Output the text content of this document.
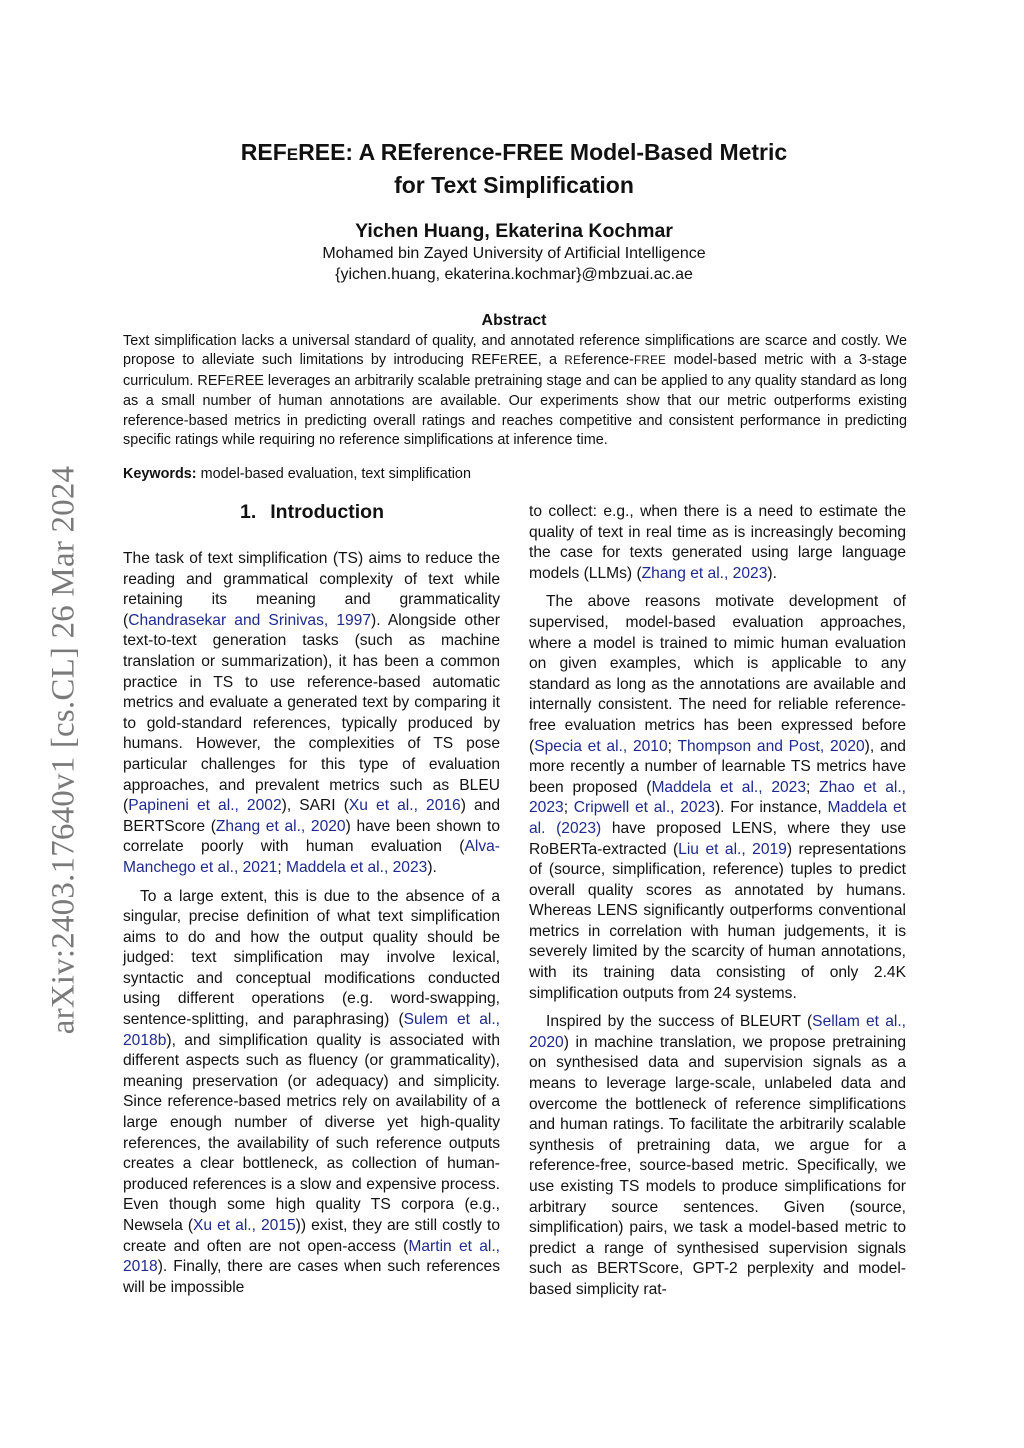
arXiv:2403.17640v1 [cs.CL] 26 Mar 2024
REFEREE: A REference-FREE Model-Based Metric
for Text Simplification
Yichen Huang, Ekaterina Kochmar
Mohamed bin Zayed University of Artificial Intelligence
{yichen.huang, ekaterina.kochmar}@mbzuai.ac.ae
Abstract
Text simplification lacks a universal standard of quality, and annotated reference simplifications are scarce and costly. We propose to alleviate such limitations by introducing REFEREE, a REference-FREE model-based metric with a 3-stage curriculum. REFEREE leverages an arbitrarily scalable pretraining stage and can be applied to any quality standard as long as a small number of human annotations are available. Our experiments show that our metric outperforms existing reference-based metrics in predicting overall ratings and reaches competitive and consistent performance in predicting specific ratings while requiring no reference simplifications at inference time.
Keywords: model-based evaluation, text simplification
1. Introduction

The task of text simplification (TS) aims to reduce the reading and grammatical complexity of text while retaining its meaning and grammaticality (Chandrasekar and Srinivas, 1997). Alongside other text-to-text generation tasks (such as machine translation or summarization), it has been a common practice in TS to use reference-based automatic metrics and evaluate a generated text by comparing it to gold-standard references, typically produced by humans. However, the complexities of TS pose particular challenges for this type of evaluation approaches, and prevalent metrics such as BLEU (Papineni et al., 2002), SARI (Xu et al., 2016) and BERTScore (Zhang et al., 2020) have been shown to correlate poorly with human evaluation (Alva-Manchego et al., 2021; Maddela et al., 2023).

To a large extent, this is due to the absence of a singular, precise definition of what text simplification aims to do and how the output quality should be judged: text simplification may involve lexical, syntactic and conceptual modifications conducted using different operations (e.g. word-swapping, sentence-splitting, and paraphrasing) (Sulem et al., 2018b), and simplification quality is associated with different aspects such as fluency (or grammaticality), meaning preservation (or adequacy) and simplicity. Since reference-based metrics rely on availability of a large enough number of diverse yet high-quality references, the availability of such reference outputs creates a clear bottleneck, as collection of human-produced references is a slow and expensive process. Even though some high quality TS corpora (e.g., Newsela (Xu et al., 2015)) exist, they are still costly to create and often are not open-access (Martin et al., 2018). Finally, there are cases when such references will be impossible

to collect: e.g., when there is a need to estimate the quality of text in real time as is increasingly becoming the case for texts generated using large language models (LLMs) (Zhang et al., 2023).

The above reasons motivate development of supervised, model-based evaluation approaches, where a model is trained to mimic human evaluation on given examples, which is applicable to any standard as long as the annotations are available and internally consistent. The need for reliable reference-free evaluation metrics has been expressed before (Specia et al., 2010; Thompson and Post, 2020), and more recently a number of learnable TS metrics have been proposed (Maddela et al., 2023; Zhao et al., 2023; Cripwell et al., 2023). For instance, Maddela et al. (2023) have proposed LENS, where they use RoBERTa-extracted (Liu et al., 2019) representations of (source, simplification, reference) tuples to predict overall quality scores as annotated by humans. Whereas LENS significantly outperforms conventional metrics in correlation with human judgements, it is severely limited by the scarcity of human annotations, with its training data consisting of only 2.4K simplification outputs from 24 systems.

Inspired by the success of BLEURT (Sellam et al., 2020) in machine translation, we propose pretraining on synthesised data and supervision signals as a means to leverage large-scale, unlabeled data and overcome the bottleneck of reference simplifications and human ratings. To facilitate the arbitrarily scalable synthesis of pretraining data, we argue for a reference-free, source-based metric. Specifically, we use existing TS models to produce simplifications for arbitrary source sentences. Given (source, simplification) pairs, we task a model-based metric to predict a range of synthesised supervision signals such as BERTScore, GPT-2 perplexity and model-based simplicity rat-
